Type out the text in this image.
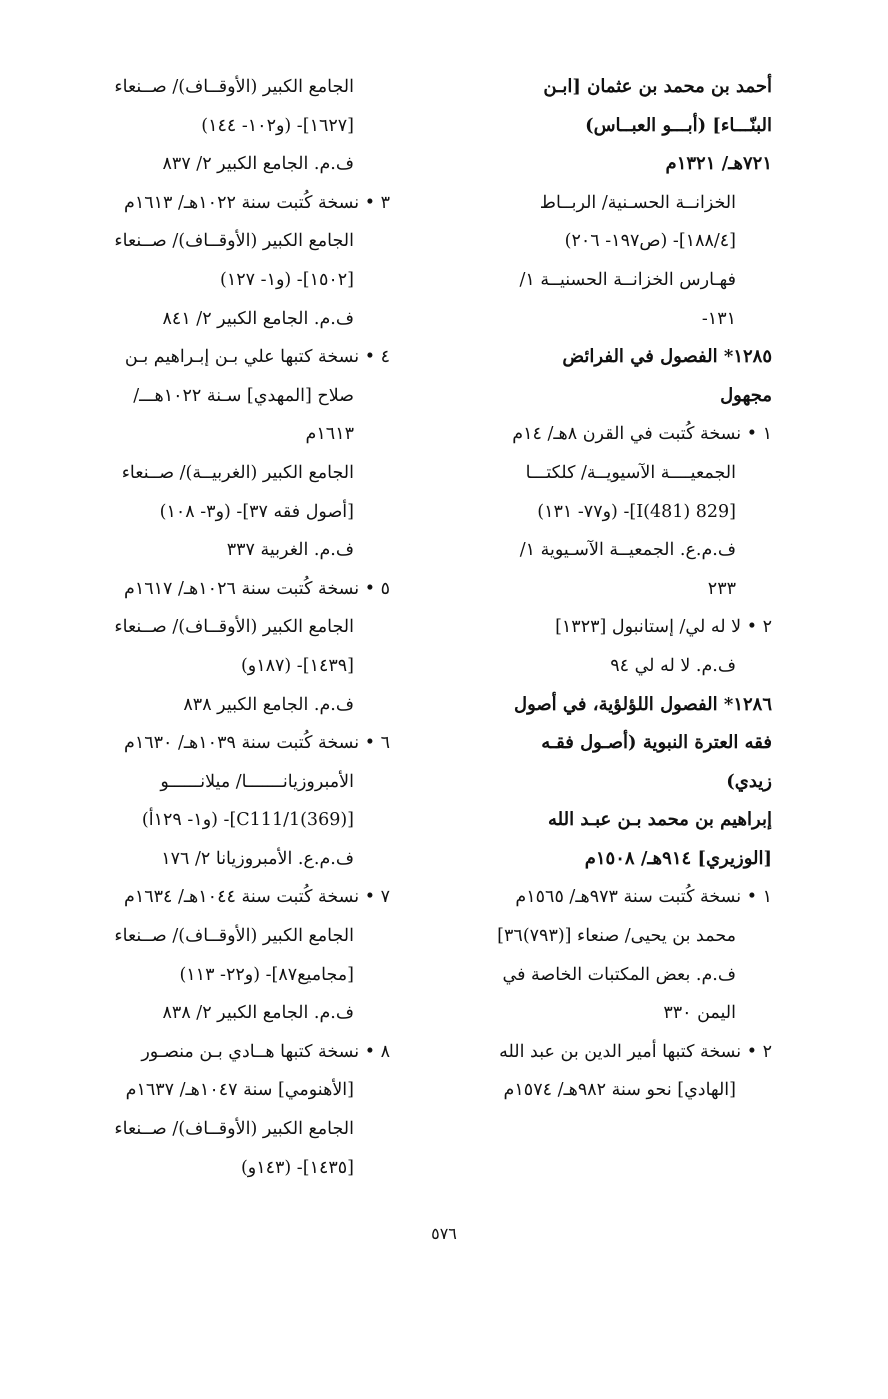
أحمد بن محمد بن عثمان [ابـن
البنّـــاء] (أبـــو العبــاس)
٧٢١هـ/ ١٣٢١م
الخزانــة الحسـنية/ الربــاط
[١٨٨/٤]- (ص١٩٧- ٢٠٦)
فهـارس الخزانــة الحسنيــة ١/
١٣١-
١٢٨٥* الفصول في الفرائض
مجهول
١ • نسخة كُتبت في القرن ٨هـ/ ١٤م
الجمعيــــة الآسيويــة/ كلكتـــا
[829 I(481)]- (و٧٧- ١٣١)
ف.م.ع. الجمعيــة الآسـيوية ١/
٢٣٣
٢ • لا له لي/ إستانبول [١٣٢٣]
ف.م. لا له لي ٩٤
١٢٨٦* الفصول اللؤلؤية، في أصول
فقه العترة النبوية (أصـول فقـه
زيدي)
إبراهيم بن محمد بـن عبـد الله
[الوزيري] ٩١٤هـ/ ١٥٠٨م
١ • نسخة كُتبت سنة ٩٧٣هـ/ ١٥٦٥م
محمد بن يحيى/ صنعاء [(٧٩٣)٣٦]
ف.م. بعض المكتبات الخاصة في
اليمن ٣٣٠
٢ • نسخة كتبها أمير الدين بن عبد الله
[الهادي] نحو سنة ٩٨٢هـ/ ١٥٧٤م
الجامع الكبير (الأوقــاف)/ صــنعاء
[١٦٢٧]- (و١٠٢- ١٤٤)
ف.م. الجامع الكبير ٢/ ٨٣٧
٣ • نسخة كُتبت سنة ١٠٢٢هـ/ ١٦١٣م
الجامع الكبير (الأوقــاف)/ صــنعاء
[١٥٠٢]- (و١- ١٢٧)
ف.م. الجامع الكبير ٢/ ٨٤١
٤ • نسخة كتبها علي بـن إبـراهيم بـن
صلاح [المهدي] سـنة ١٠٢٢هـــ/
١٦١٣م
الجامع الكبير (الغربيــة)/ صــنعاء
[أصول فقه ٣٧]- (و٣- ١٠٨)
ف.م. الغربية ٣٣٧
٥ • نسخة كُتبت سنة ١٠٢٦هـ/ ١٦١٧م
الجامع الكبير (الأوقــاف)/ صــنعاء
[١٤٣٩]- (١٨٧و)
ف.م. الجامع الكبير ٨٣٨
٦ • نسخة كُتبت سنة ١٠٣٩هـ/ ١٦٣٠م
الأمبروزيانـــــــا/ ميلانــــــو
[C111/1(369)]- (و١- ١٢٩أ)
ف.م.ع. الأمبروزيانا ٢/ ١٧٦
٧ • نسخة كُتبت سنة ١٠٤٤هـ/ ١٦٣٤م
الجامع الكبير (الأوقــاف)/ صــنعاء
[مجاميع٨٧]- (و٢٢- ١١٣)
ف.م. الجامع الكبير ٢/ ٨٣٨
٨ • نسخة كتبها هــادي بـن منصـور
[الأهنومي] سنة ١٠٤٧هـ/ ١٦٣٧م
الجامع الكبير (الأوقــاف)/ صــنعاء
[١٤٣٥]- (١٤٣و)
٥٧٦
